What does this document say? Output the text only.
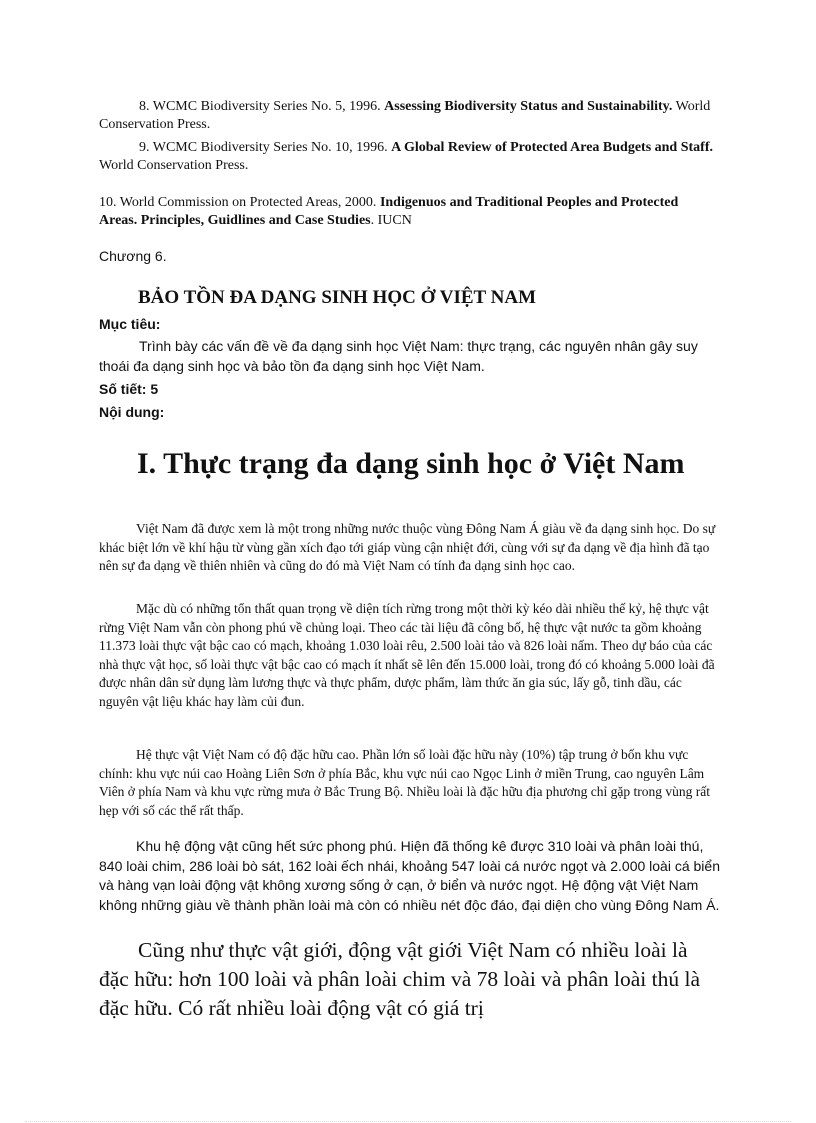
8. WCMC Biodiversity Series No. 5, 1996. Assessing Biodiversity Status and Sustainability. World Conservation Press.
9. WCMC Biodiversity Series No. 10, 1996. A Global Review of Protected Area Budgets and Staff. World Conservation Press.
10. World Commission on Protected Areas, 2000. Indigenuos and Traditional Peoples and Protected Areas. Principles, Guidlines and Case Studies. IUCN
Chương 6.
BẢO TỒN ĐA DẠNG SINH HỌC Ở VIỆT NAM
Mục tiêu:
Trình bày các vấn đề về đa dạng sinh học Việt Nam: thực trạng, các nguyên nhân gây suy thoái đa dạng sinh học và bảo tồn đa dạng sinh học Việt Nam.
Số tiết: 5
Nội dung:
I. Thực trạng đa dạng sinh học ở Việt Nam
Việt Nam đã được xem là một trong những nước thuộc vùng Đông Nam Á giàu về đa dạng sinh học. Do sự khác biệt lớn về khí hậu từ vùng gần xích đạo tới giáp vùng cận nhiệt đới, cùng với sự đa dạng về địa hình đã tạo nên sự đa dạng về thiên nhiên và cũng do đó mà Việt Nam có tính đa dạng sinh học cao.
Mặc dù có những tổn thất quan trọng về diện tích rừng trong một thời kỳ kéo dài nhiều thế kỷ, hệ thực vật rừng Việt Nam vẫn còn phong phú về chủng loại. Theo các tài liệu đã công bố, hệ thực vật nước ta gồm khoảng 11.373 loài thực vật bậc cao có mạch, khoảng 1.030 loài rêu, 2.500 loài tảo và 826 loài nấm. Theo dự báo của các nhà thực vật học, số loài thực vật bậc cao có mạch ít nhất sẽ lên đến 15.000 loài, trong đó có khoảng 5.000 loài đã được nhân dân sử dụng làm lương thực và thực phẩm, dược phẩm, làm thức ăn gia súc, lấy gỗ, tinh dầu, các nguyên vật liệu khác hay làm củi đun.
Hệ thực vật Việt Nam có độ đặc hữu cao. Phần lớn số loài đặc hữu này (10%) tập trung ở bốn khu vực chính: khu vực núi cao Hoàng Liên Sơn ở phía Bắc, khu vực núi cao Ngọc Linh ở miền Trung, cao nguyên Lâm Viên ở phía Nam và khu vực rừng mưa ở Bắc Trung Bộ. Nhiều loài là đặc hữu địa phương chỉ gặp trong vùng rất hẹp với số các thể rất thấp.
Khu hệ động vật cũng hết sức phong phú. Hiện đã thống kê được 310 loài và phân loài thú, 840 loài chim, 286 loài bò sát, 162 loài ếch nhái, khoảng 547 loài cá nước ngọt và 2.000 loài cá biển và hàng vạn loài động vật không xương sống ở cạn, ở biển và nước ngọt. Hệ động vật Việt Nam không những giàu về thành phần loài mà còn có nhiều nét độc đáo, đại diện cho vùng Đông Nam Á.
Cũng như thực vật giới, động vật giới Việt Nam có nhiều loài là đặc hữu: hơn 100 loài và phân loài chim và 78 loài và phân loài thú là đặc hữu. Có rất nhiều loài động vật có giá trị
